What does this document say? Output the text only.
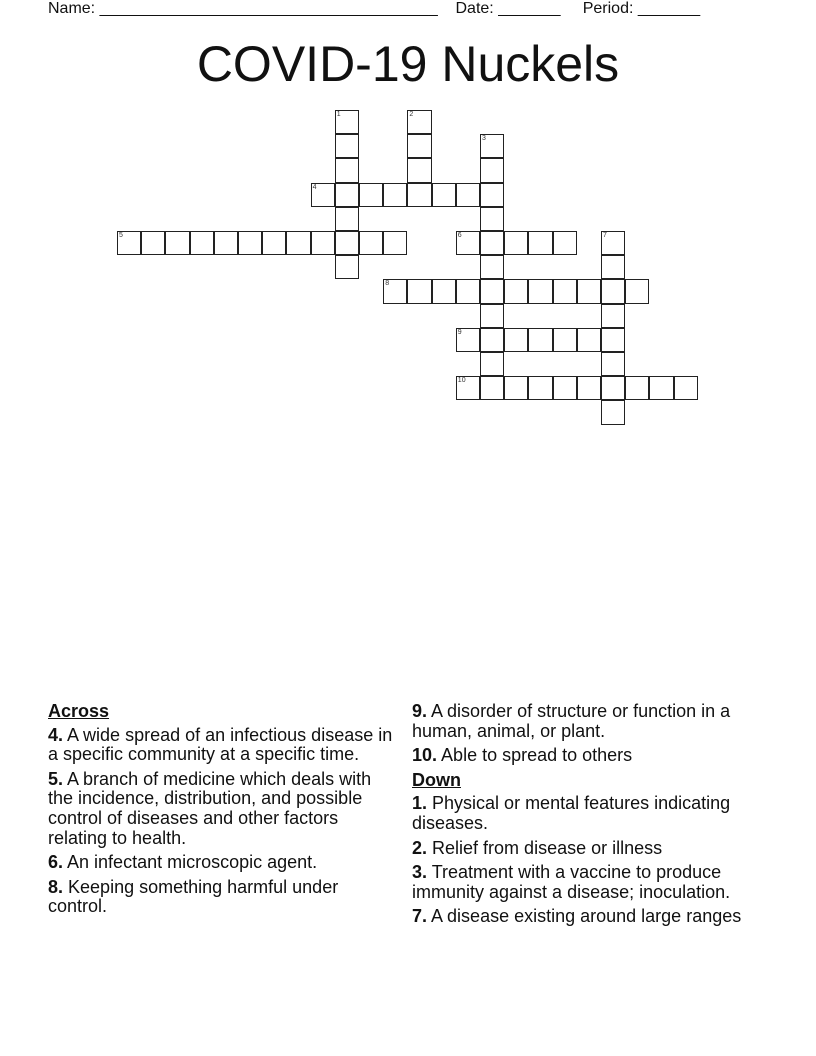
Name: ______________________________________ Date: _______ Period: _______
COVID-19 Nuckels
1	2
3
4
5	6	7
8
9
10
Across
4. A wide spread of an infectious disease in a specific community at a specific time.
5. A branch of medicine which deals with the incidence, distribution, and possible control of diseases and other factors relating to health.
6. An infectant microscopic agent.
8. Keeping something harmful under control.
9. A disorder of structure or function in a human, animal, or plant.
10. Able to spread to others
Down
1. Physical or mental features indicating diseases.
2. Relief from disease or illness
3. Treatment with a vaccine to produce immunity against a disease; inoculation.
7. A disease existing around large ranges
